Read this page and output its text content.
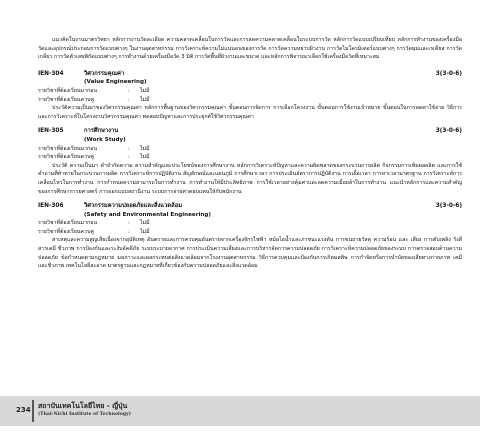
แนวคิดในงานมาตรวิทยา หลักการงานวัดละเอียด ความคลาดเคลื่อนในการวัดและการลดความคลาดเคลื่อนในระบบการวัด หลักการวัดแบบเปรียบเทียบ หลักการทำงานของเครื่องมือวัดและอุปกรณ์ประกอบการวัดแบบต่างๆ ในงานอุตสาหกรรม การวิเคราะห์ความไม่แน่นอนของการวัด การวัดความหยาบผิวงาน การวัดไมโครมิเตอร์แบบต่างๆ การวัดมุมและเรเดียส การวัดเกลียว การวัดตัวเลขพิกัดแบบต่างๆ การทำงานด้วยเครื่องมือวัด 3 มิติ การวัดพื้นที่ผิวงานและขนาด และหลักการพิจารณาเลือกใช้เครื่องมือวัดที่เหมาะสม

IEN-304	วิศวกรรมคุณค่า	3(3-0-6)
(Value Engineering)
รายวิชาที่ต้องเรียนมาก่อน	:	ไม่มี
รายวิชาที่ต้องเรียนควบคู่	:	ไม่มี

ประวัติความเป็นมาของวิศวกรรมคุณค่า หลักการพื้นฐานของวิศวกรรมคุณค่า ขั้นตอนการจัดการ การเลือกโครงงาน ขั้นตอนการใช้งานเป้าหมาย ขั้นตอนในการลดค่าใช้จ่าย วิธีการ และการวิเคราะห์ในโครงงานวิศวกรรมคุณค่า ทดสอบปัญหาและการประยุกต์ใช้วิศวกรรมคุณค่า

IEN-305	การศึกษางาน	3(3-0-6)
(Work Study)
รายวิชาที่ต้องเรียนมาก่อน	:	ไม่มี
รายวิชาที่ต้องเรียนควบคู่	:	ไม่มี

ประวัติ ความเป็นมา คำจำกัดความ ความสำคัญและประโยชน์ของการศึกษางาน หลักการวิเคราะห์ปัญหาและความผิดพลาดของกระบวนการผลิต กิจกรรมการเพิ่มผลผลิต และการใช้คำถามที่ท้าทายในกระบวนการผลิต การวิเคราะห์การปฏิบัติงาน สัญลักษณ์และแผนภูมิ การศึกษาเวลา การประเมินอัตราการปฏิบัติงาน การเผื่อเวลา การหาเวลามาตรฐาน การวิเคราะห์การเคลื่อนไหวในการทำงาน การกำหนดความสามารถในการทำงาน การทำงานให้มีประสิทธิภาพ การใช้เวลาอย่างคุ้มค่าและลดความเมื่อยล้าในการทำงาน แนะนำหลักการและความสำคัญของการศึกษาการยศาสตร์ การออกแบบสถานีงาน ระบบการจ่ายค่าตอบแทนให้กับพนักงาน

IEN-306	วิศวกรรมความปลอดภัยและสิ่งแวดล้อม	3(3-0-6)
(Safety and Environmental Engineering)
รายวิชาที่ต้องเรียนมาก่อน	:	ไม่มี
รายวิชาที่ต้องเรียนควบคู่	:	ไม่มี

สาเหตุและความสูญเสียเนื่องจากอุบัติเหตุ อันตรายและการควบคุมอันตรายจากเครื่องจักรไฟฟ้า หม้อไอน้ำและภาชนะแรงดัน การขนถ่ายวัสดุ ความร้อน และ เสียง การดับเพลิง รังสี สารเคมี ชีวภาพ การป้องกันและระงับอัคคีภัย ระบบระบายอากาศ การประเมินความเสี่ยงและการบริหารจัดการความปลอดภัย การวิเคราะห์ความปลอดภัยของระบบ การตรวจสอบด้านความปลอดภัย ข้อกำหนดตามกฎหมาย มลภาวะและผลกระทบต่อสิ่งแวดล้อมจากโรงงานอุตสาหกรรม วิธีการควบคุมและป้องกันการเกิดมลพิษ การกำจัดหรือการบำบัดของเสียทางกายภาพ เคมี และชีวภาพ เทคโนโลยีสะอาด มาตรฐานและกฎหมายที่เกี่ยวข้องกับความปลอดภัยและสิ่งแวดล้อม

234 สถาบันเทคโนโลยีไทย - ญี่ปุ่น
(Thai-Nichi Institute of Technology)
